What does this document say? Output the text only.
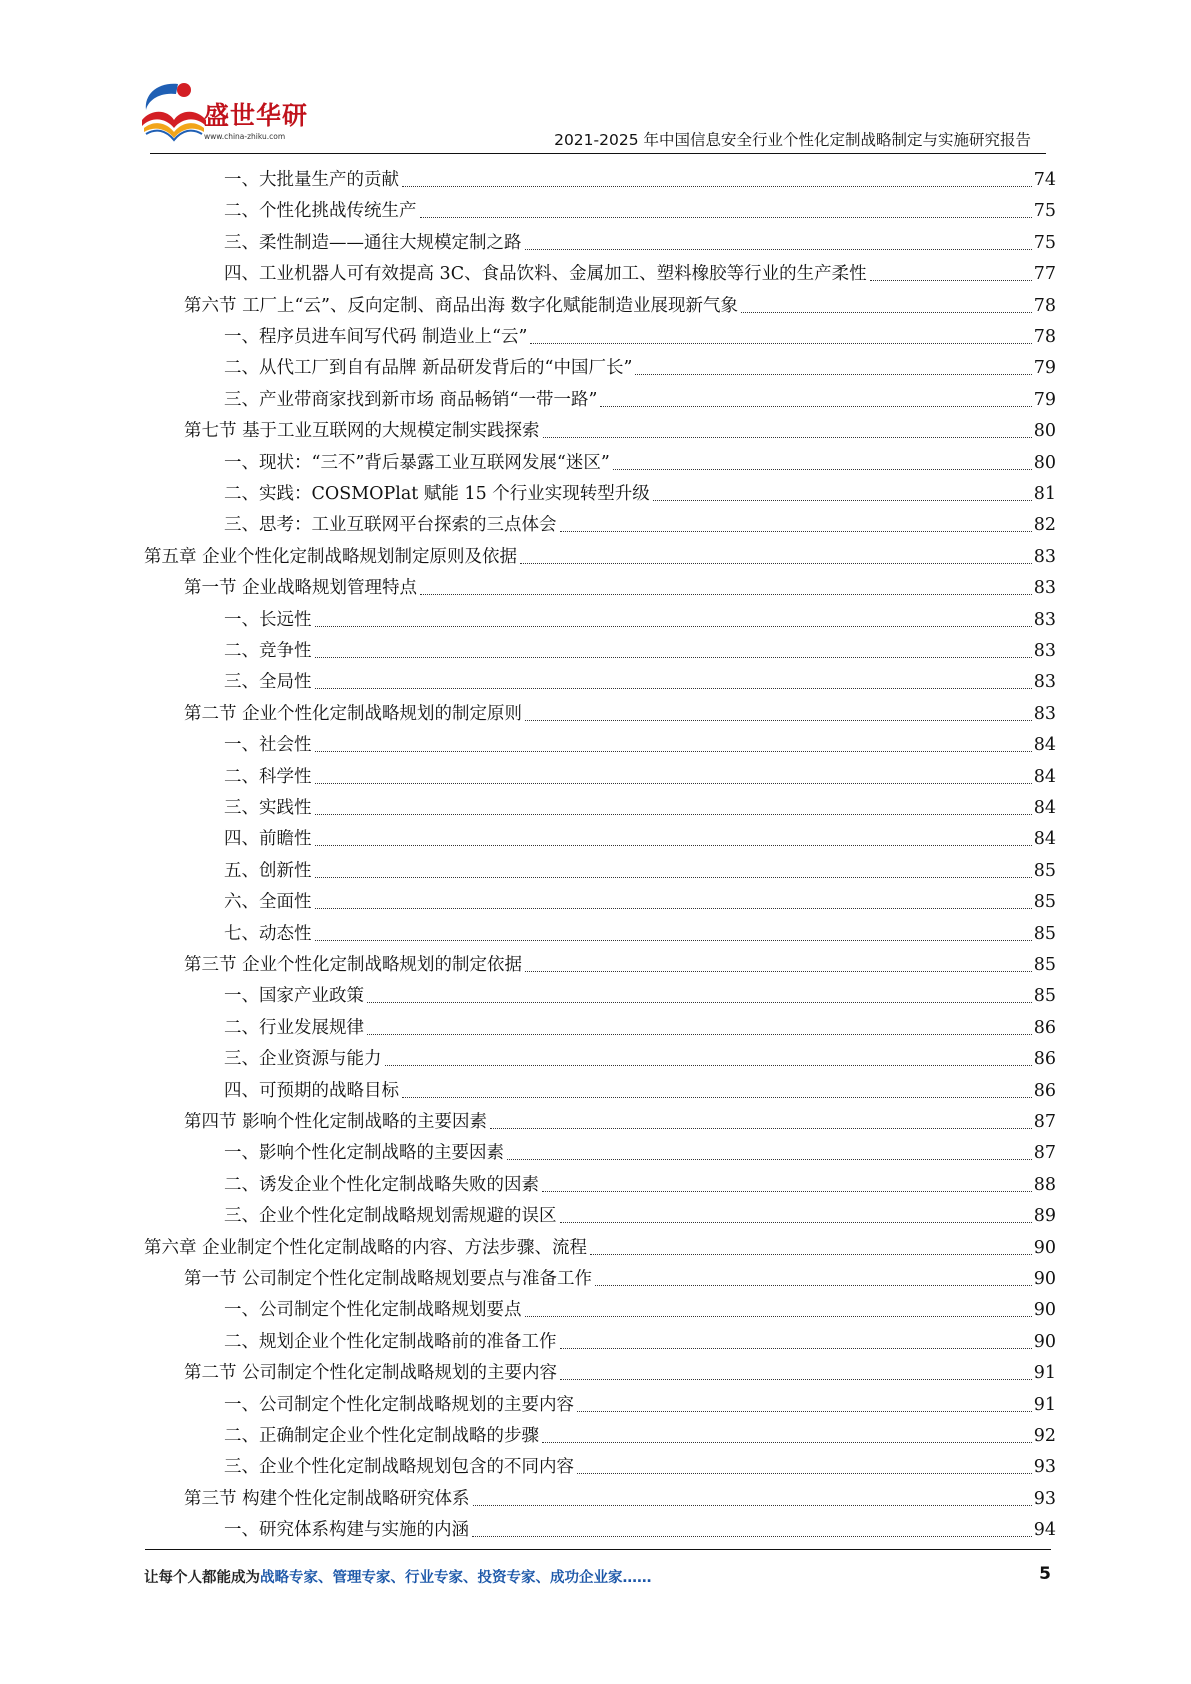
盛世华研
www.china-zhiku.com	2021-2025 年中国信息安全行业个性化定制战略制定与实施研究报告
一、大批量生产的贡献	74
二、个性化挑战传统生产	75
三、柔性制造——通往大规模定制之路	75
四、工业机器人可有效提高 3C、食品饮料、金属加工、塑料橡胶等行业的生产柔性	77
第六节 工厂上“云”、反向定制、商品出海 数字化赋能制造业展现新气象	78
一、程序员进车间写代码 制造业上“云”	78
二、从代工厂到自有品牌 新品研发背后的“中国厂长”	79
三、产业带商家找到新市场 商品畅销“一带一路”	79
第七节 基于工业互联网的大规模定制实践探索	80
一、现状：“三不”背后暴露工业互联网发展“迷区”	80
二、实践：COSMOPlat 赋能 15 个行业实现转型升级	81
三、思考：工业互联网平台探索的三点体会	82
第五章 企业个性化定制战略规划制定原则及依据	83
第一节 企业战略规划管理特点	83
一、长远性	83
二、竞争性	83
三、全局性	83
第二节 企业个性化定制战略规划的制定原则	83
一、社会性	84
二、科学性	84
三、实践性	84
四、前瞻性	84
五、创新性	85
六、全面性	85
七、动态性	85
第三节 企业个性化定制战略规划的制定依据	85
一、国家产业政策	85
二、行业发展规律	86
三、企业资源与能力	86
四、可预期的战略目标	86
第四节 影响个性化定制战略的主要因素	87
一、影响个性化定制战略的主要因素	87
二、诱发企业个性化定制战略失败的因素	88
三、企业个性化定制战略规划需规避的误区	89
第六章 企业制定个性化定制战略的内容、方法步骤、流程	90
第一节 公司制定个性化定制战略规划要点与准备工作	90
一、公司制定个性化定制战略规划要点	90
二、规划企业个性化定制战略前的准备工作	90
第二节 公司制定个性化定制战略规划的主要内容	91
一、公司制定个性化定制战略规划的主要内容	91
二、正确制定企业个性化定制战略的步骤	92
三、企业个性化定制战略规划包含的不同内容	93
第三节 构建个性化定制战略研究体系	93
一、研究体系构建与实施的内涵	94
让每个人都能成为战略专家、管理专家、行业专家、投资专家、成功企业家……	5
